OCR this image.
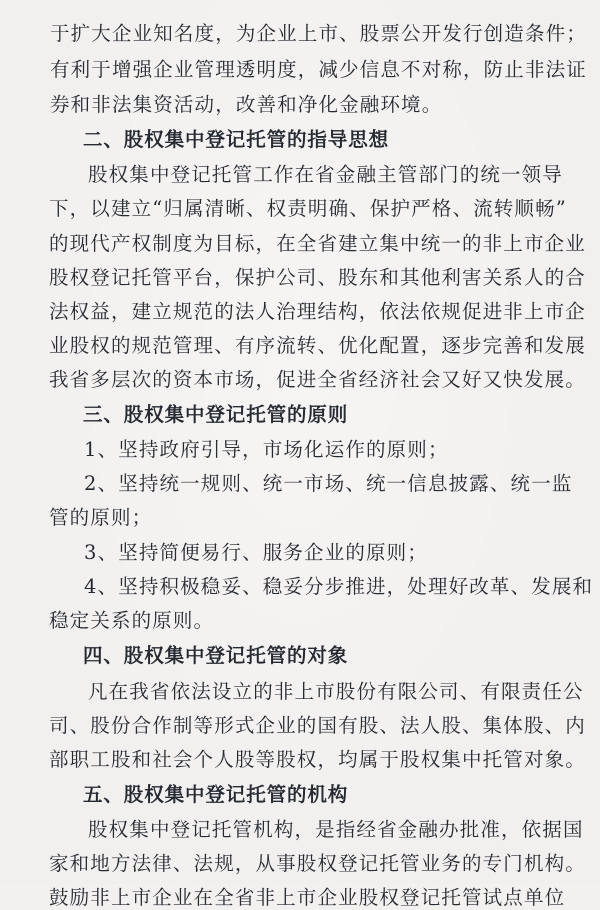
于扩大企业知名度，为企业上市、股票公开发行创造条件；
有利于增强企业管理透明度，减少信息不对称，防止非法证
券和非法集资活动，改善和净化金融环境。
二、股权集中登记托管的指导思想
股权集中登记托管工作在省金融主管部门的统一领导
下，以建立“归属清晰、权责明确、保护严格、流转顺畅”
的现代产权制度为目标，在全省建立集中统一的非上市企业
股权登记托管平台，保护公司、股东和其他利害关系人的合
法权益，建立规范的法人治理结构，依法依规促进非上市企
业股权的规范管理、有序流转、优化配置，逐步完善和发展
我省多层次的资本市场，促进全省经济社会又好又快发展。
三、股权集中登记托管的原则
1、坚持政府引导，市场化运作的原则；
2、坚持统一规则、统一市场、统一信息披露、统一监
管的原则；
3、坚持简便易行、服务企业的原则；
4、坚持积极稳妥、稳妥分步推进，处理好改革、发展和
稳定关系的原则。
四、股权集中登记托管的对象
凡在我省依法设立的非上市股份有限公司、有限责任公
司、股份合作制等形式企业的国有股、法人股、集体股、内
部职工股和社会个人股等股权，均属于股权集中托管对象。
五、股权集中登记托管的机构
股权集中登记托管机构，是指经省金融办批准，依据国
家和地方法律、法规，从事股权登记托管业务的专门机构。
鼓励非上市企业在全省非上市企业股权登记托管试点单位
